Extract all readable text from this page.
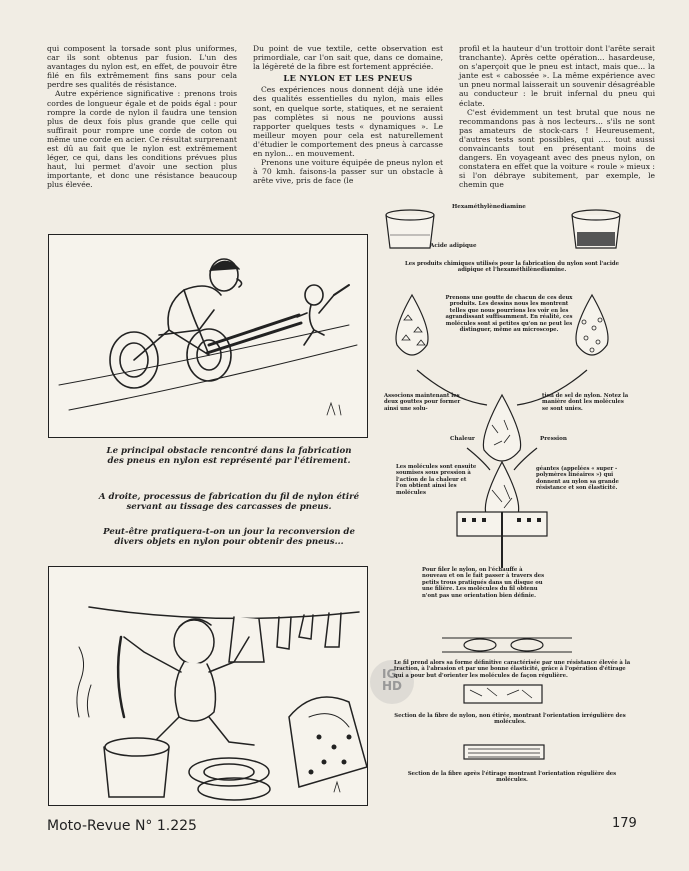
qui composent la torsade sont plus uniformes, car ils sont obtenus par fusion. L'un des avantages du nylon est, en effet, de pouvoir être filé en fils extrêmement fins sans pour cela perdre ses qualités de résistance.

Autre expérience significative : prenons trois cordes de longueur égale et de poids égal : pour rompre la corde de nylon il faudra une tension plus de deux fois plus grande que celle qui suffirait pour rompre une corde de coton ou même une corde en acier. Ce résultat surprenant est dû au fait que le nylon est extrêmement léger, ce qui, dans les conditions prévues plus haut, lui permet d'avoir une section plus importante, et donc une résistance beaucoup plus élevée.

Du point de vue textile, cette observation est primordiale, car l'on sait que, dans ce domaine, la légèreté de la fibre est fortement appréciée.

LE NYLON ET LES PNEUS

Ces expériences nous donnent déjà une idée des qualités essentielles du nylon, mais elles sont, en quelque sorte, statiques, et ne seraient pas complètes si nous ne pouvions aussi rapporter quelques tests « dynamiques ». Le meilleur moyen pour cela est naturellement d'étudier le comportement des pneus à carcasse en nylon... en mouvement.

Prenons une voiture équipée de pneus nylon et à 70 kmh. faisons-la passer sur un obstacle à arête vive, pris de face (le

profil et la hauteur d'un trottoir dont l'arête serait tranchante). Après cette opération... hasardeuse, on s'aperçoit que le pneu est intact, mais que... la jante est « cabossée ». La même expérience avec un pneu normal laisserait un souvenir désagréable au conducteur : le bruit infernal du pneu qui éclate.

C'est évidemment un test brutal que nous ne recommandons pas à nos lecteurs... s'ils ne sont pas amateurs de stock-cars ! Heureusement, d'autres tests sont possibles, qui ..... tout aussi convaincants tout en présentant moins de dangers. En voyageant avec des pneus nylon, on constatera en effet que la voiture « roule » mieux : si l'on débraye subitement, par exemple, le chemin que

Le principal obstacle rencontré dans la fabrication des pneus en nylon est représenté par l'étirement.
A droite, processus de fabrication du fil de nylon étiré servant au tissage des carcasses de pneus.
Peut-être pratiquera-t-on un jour la reconversion de divers objets en nylon pour obtenir des pneus...
IG
HD
Acide adipique
Hexaméthylènediamine
Les produits chimiques utilisés pour la fabrication du nylon sont l'acide adipique et l'hexaméthilènediamine.
Prenons une goutte de chacun de ces deux produits. Les dessins nous les montrent telles que nous pourrions les voir en les agrandissant suffisamment. En réalité, ces molécules sont si petites qu'on ne peut les distinguer, même au microscope.
Associons maintenant les deux gouttes pour former ainsi une solu-
tion de sel de nylon. Notez la manière dont les molécules se sont unies.
Chaleur	Pression
Les molécules sont ensuite soumises sous pression à l'action de la chaleur et l'on obtient ainsi les molécules
géantes (appelées « super - polymères linéaires ») qui donnent au nylon sa grande résistance et son élasticité.
Pour filer le nylon, on l'échauffe à nouveau et on le fait passer à travers des petits trous pratiqués dans un disque ou une filière. Les molécules du fil obtenu n'ont pas une orientation bien définie.
Le fil prend alors sa forme définitive caractérisée par une résistance élevée à la traction, à l'abrasion et par une bonne élasticité, grâce à l'opération d'étirage qui a pour but d'orienter les molécules de façon régulière.
Section de la fibre de nylon, non étirée, montrant l'orientation irrégulière des molécules.
Section de la fibre après l'étirage montrant l'orientation régulière des molécules.
Moto-Revue N° 1.225	179
